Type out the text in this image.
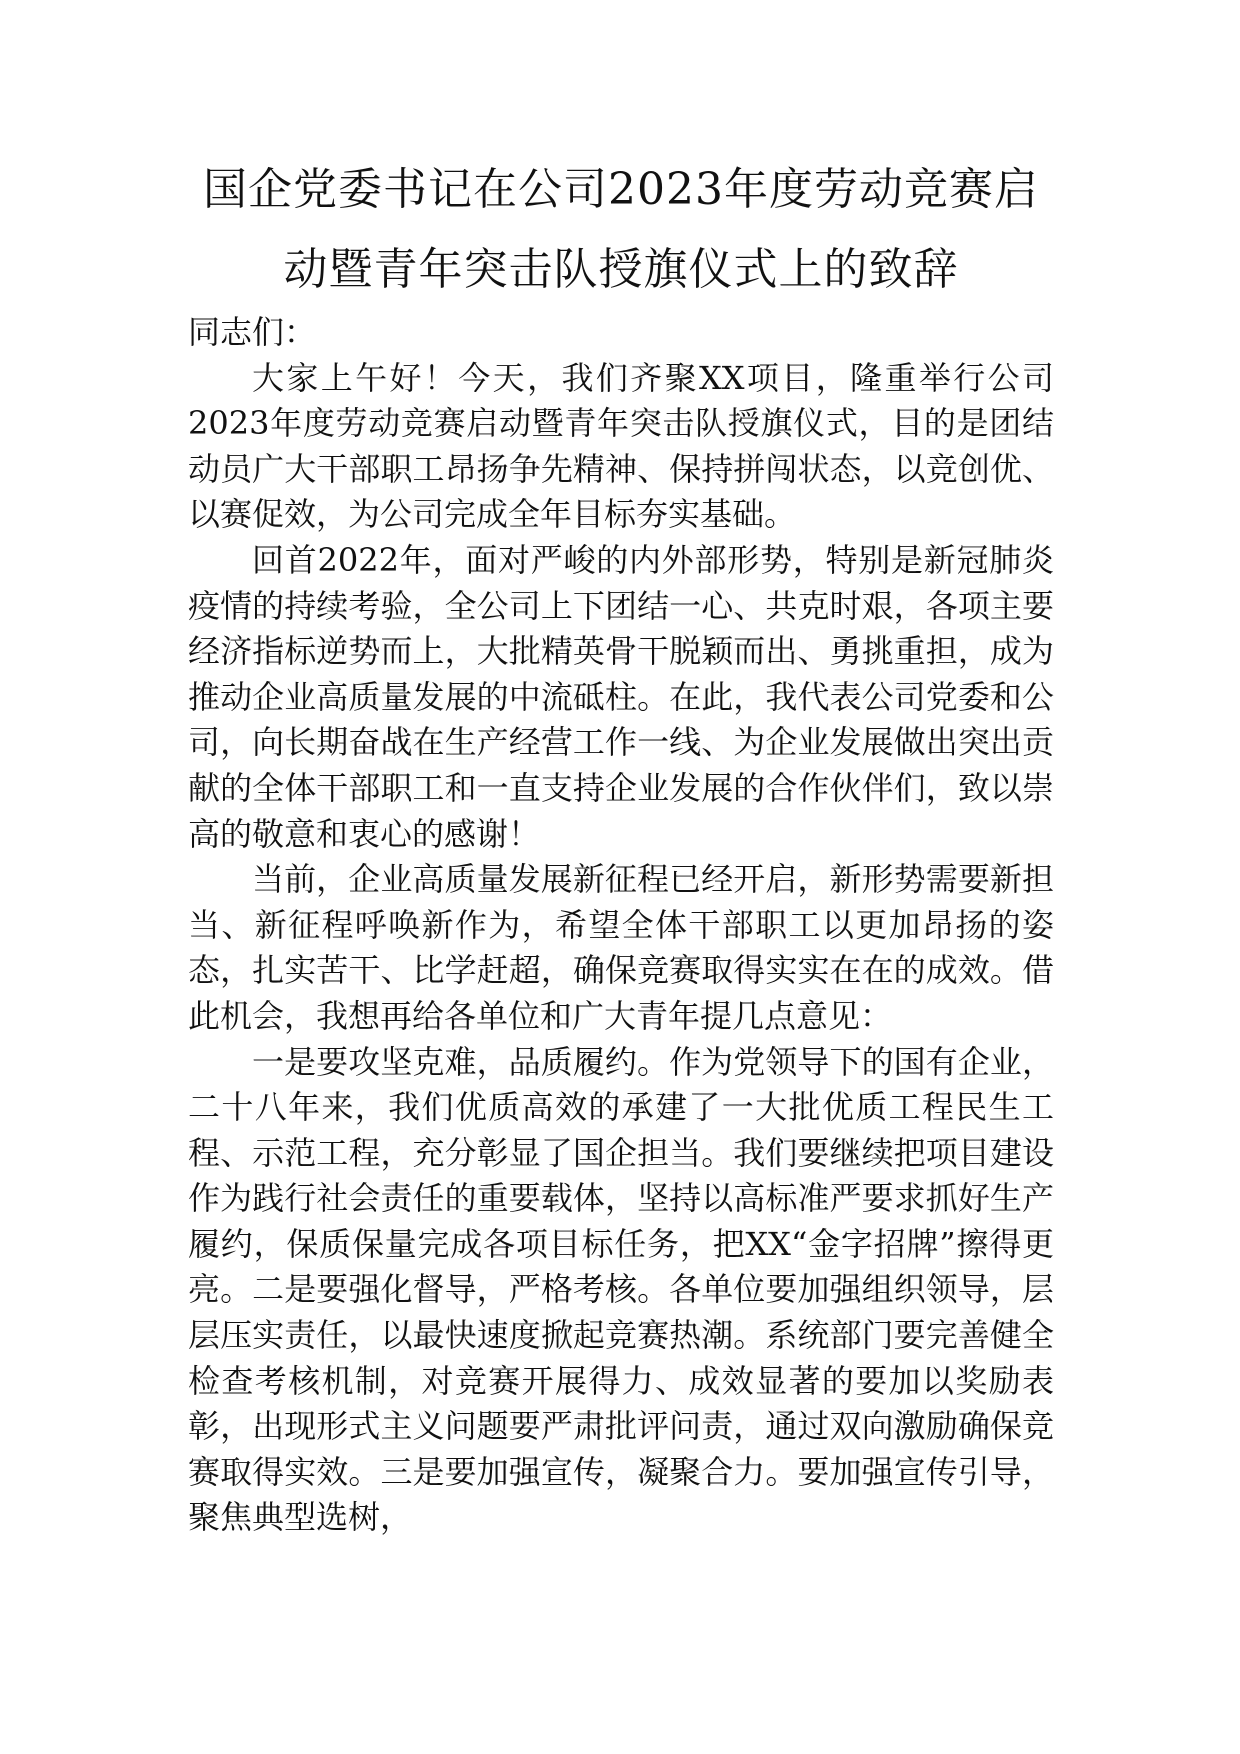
国企党委书记在公司2023年度劳动竞赛启
动暨青年突击队授旗仪式上的致辞

同志们：

大家上午好！今天，我们齐聚XX项目，隆重举行公司2023年度劳动竞赛启动暨青年突击队授旗仪式，目的是团结动员广大干部职工昂扬争先精神、保持拼闯状态，以竞创优、以赛促效，为公司完成全年目标夯实基础。

回首2022年，面对严峻的内外部形势，特别是新冠肺炎疫情的持续考验，全公司上下团结一心、共克时艰，各项主要经济指标逆势而上，大批精英骨干脱颖而出、勇挑重担，成为推动企业高质量发展的中流砥柱。在此，我代表公司党委和公司，向长期奋战在生产经营工作一线、为企业发展做出突出贡献的全体干部职工和一直支持企业发展的合作伙伴们，致以崇高的敬意和衷心的感谢！

当前，企业高质量发展新征程已经开启，新形势需要新担当、新征程呼唤新作为，希望全体干部职工以更加昂扬的姿态，扎实苦干、比学赶超，确保竞赛取得实实在在的成效。借此机会，我想再给各单位和广大青年提几点意见：

一是要攻坚克难，品质履约。作为党领导下的国有企业，二十八年来，我们优质高效的承建了一大批优质工程民生工程、示范工程，充分彰显了国企担当。我们要继续把项目建设作为践行社会责任的重要载体，坚持以高标准严要求抓好生产履约，保质保量完成各项目标任务，把XX“金字招牌”擦得更亮。二是要强化督导，严格考核。各单位要加强组织领导，层层压实责任，以最快速度掀起竞赛热潮。系统部门要完善健全检查考核机制，对竞赛开展得力、成效显著的要加以奖励表彰，出现形式主义问题要严肃批评问责，通过双向激励确保竞赛取得实效。三是要加强宣传，凝聚合力。要加强宣传引导，聚焦典型选树，
